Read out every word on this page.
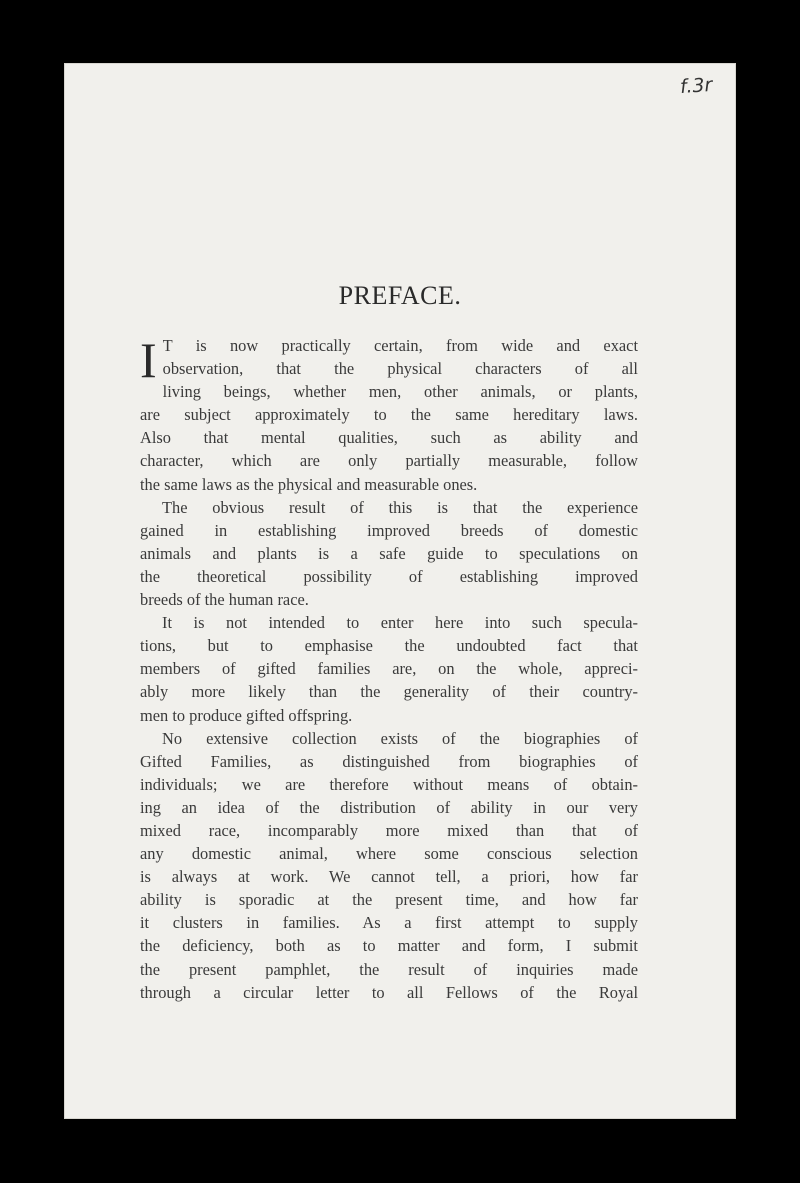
f.3r
PREFACE.
I T is now practically certain, from wide and exact
observation, that the physical characters of all
living beings, whether men, other animals, or plants,
are subject approximately to the same hereditary laws.
Also that mental qualities, such as ability and
character, which are only partially measurable, follow
the same laws as the physical and measurable ones.
The obvious result of this is that the experience
gained in establishing improved breeds of domestic
animals and plants is a safe guide to speculations on
the theoretical possibility of establishing improved
breeds of the human race.
It is not intended to enter here into such specula-
tions, but to emphasise the undoubted fact that
members of gifted families are, on the whole, appreci-
ably more likely than the generality of their country-
men to produce gifted offspring.
No extensive collection exists of the biographies of
Gifted Families, as distinguished from biographies of
individuals; we are therefore without means of obtain-
ing an idea of the distribution of ability in our very
mixed race, incomparably more mixed than that of
any domestic animal, where some conscious selection
is always at work. We cannot tell, a priori, how far
ability is sporadic at the present time, and how far
it clusters in families. As a first attempt to supply
the deficiency, both as to matter and form, I submit
the present pamphlet, the result of inquiries made
through a circular letter to all Fellows of the Royal
